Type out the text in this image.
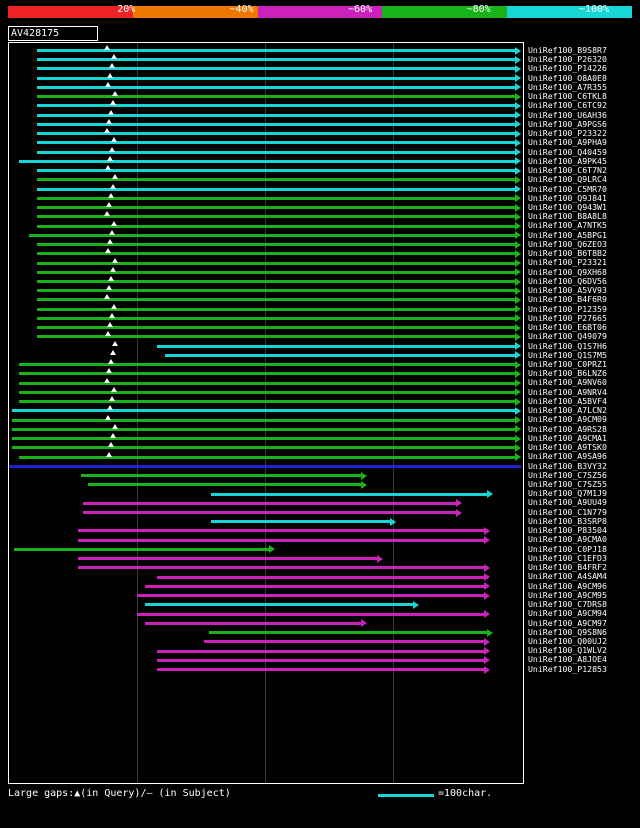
20%	~40%	~60%	~80%	~100%
AV428175
UniRef100_B9S8R7
UniRef100_P26320
UniRef100_P14226
UniRef100_O8A0E8
UniRef100_A7R355
UniRef100_C6TKL8
UniRef100_C6TC92
UniRef100_U6AH36
UniRef100_A9PGS6
UniRef100_P23322
UniRef100_A9PHA9
UniRef100_Q40459
UniRef100_A9PK45
UniRef100_C6T7N2
UniRef100_Q9LRC4
UniRef100_C5MR70
UniRef100_Q9J841
UniRef100_Q943W1
UniRef100_B8A8L8
UniRef100_A7NTK5
UniRef100_A5BPG1
UniRef100_Q6ZEO3
UniRef100_B6T8B2
UniRef100_P23321
UniRef100_Q9XH68
UniRef100_Q6DV56
UniRef100_A5VV93
UniRef100_B4F6R9
UniRef100_P12359
UniRef100_P27665
UniRef100_E6BT06
UniRef100_Q49079
UniRef100_Q1S7H6
UniRef100_Q1S7M5
UniRef100_C0PRZ1
UniRef100_B6LNZ6
UniRef100_A9NV60
UniRef100_A9NRV4
UniRef100_A5BVF4
UniRef100_A7LCN2
UniRef100_A9CM09
UniRef100_A9RS28
UniRef100_A9CMA1
UniRef100_A9TSK0
UniRef100_A9SA96
UniRef100_B3VY32
UniRef100_C7SZ56
UniRef100_C7SZ55
UniRef100_Q7M1J9
UniRef100_A9UU49
UniRef100_C1N779
UniRef100_B3SRP8
UniRef100_P83504
UniRef100_A9CMA0
UniRef100_C0PJ18
UniRef100_C1EFD3
UniRef100_B4FRF2
UniRef100_A4SAM4
UniRef100_A9CM96
UniRef100_A9CM95
UniRef100_C7DRS8
UniRef100_A9CM94
UniRef100_A9CM97
UniRef100_Q9S8N6
UniRef100_Q00UJ2
UniRef100_Q1WLV2
UniRef100_A8JOE4
UniRef100_P12853
Large gaps:▲(in Query)/— (in Subject)	=100char.
